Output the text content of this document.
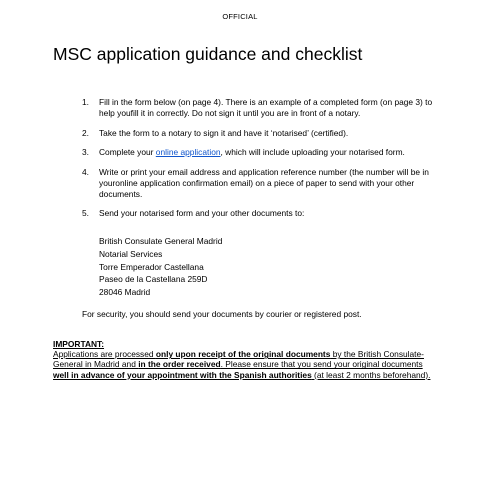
OFFICIAL
MSC application guidance and checklist
1. Fill in the form below (on page 4). There is an example of a completed form (on page 3) to help youfill it in correctly. Do not sign it until you are in front of a notary.
2. Take the form to a notary to sign it and have it ‘notarised’ (certified).
3. Complete your online application, which will include uploading your notarised form.
4. Write or print your email address and application reference number (the number will be in youronline application confirmation email) on a piece of paper to send with your other documents.
5. Send your notarised form and your other documents to:
British Consulate General Madrid
Notarial Services
Torre Emperador Castellana
Paseo de la Castellana 259D
28046 Madrid
For security, you should send your documents by courier or registered post.
IMPORTANT:
Applications are processed only upon receipt of the original documents by the British Consulate-General in Madrid and in the order received. Please ensure that you send your original documents well in advance of your appointment with the Spanish authorities (at least 2 months beforehand).
